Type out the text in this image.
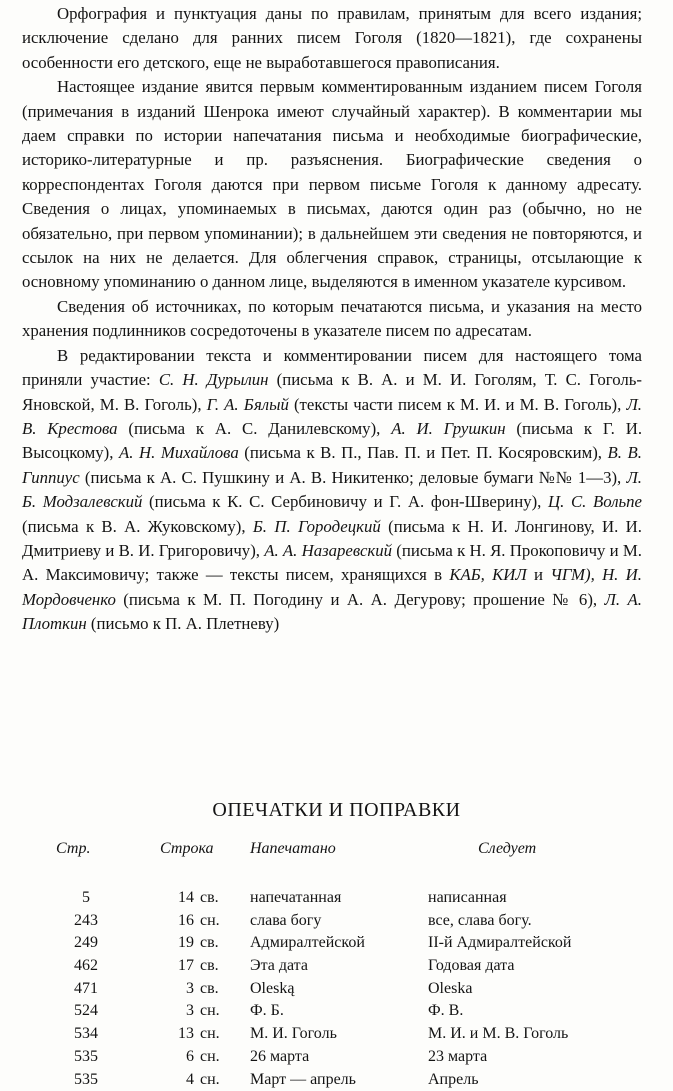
Орфография и пунктуация даны по правилам, принятым для всего издания; исключение сделано для ранних писем Гоголя (1820—1821), где сохранены особенности его детского, еще не выработавшегося правописания.

Настоящее издание явится первым комментированным изданием писем Гоголя (примечания в изданий Шенрока имеют случайный характер). В комментарии мы даем справки по истории напечатания письма и необходимые биографические, историко-литературные и пр. разъяснения. Биографические сведения о корреспондентах Гоголя даются при первом письме Гоголя к данному адресату. Сведения о лицах, упоминаемых в письмах, даются один раз (обычно, но не обязательно, при первом упоминании); в дальнейшем эти сведения не повторяются, и ссылок на них не делается. Для облегчения справок, страницы, отсылающие к основному упоминанию о данном лице, выделяются в именном указателе курсивом.

Сведения об источниках, по которым печатаются письма, и указания на место хранения подлинников сосредоточены в указателе писем по адресатам.

В редактировании текста и комментировании писем для настоящего тома приняли участие: С. Н. Дурылин (письма к В. А. и М. И. Гоголям, Т. С. Гоголь-Яновской, М. В. Гоголь), Г. А. Бялый (тексты части писем к М. И. и М. В. Гоголь), Л. В. Крестова (письма к А. С. Данилевскому), А. И. Грушкин (письма к Г. И. Высоцкому), А. Н. Михайлова (письма к В. П., Пав. П. и Пет. П. Косяровским), В. В. Гиппиус (письма к А. С. Пушкину и А. В. Никитенко; деловые бумаги №№ 1—3), Л. Б. Модзалевский (письма к К. С. Сербиновичу и Г. А. фон-Шверину), Ц. С. Вольпе (письма к В. А. Жуковскому), Б. П. Городецкий (письма к Н. И. Лонгинову, И. И. Дмитриеву и В. И. Григоровичу), А. А. Назаревский (письма к Н. Я. Прокоповичу и М. А. Максимовичу; также — тексты писем, хранящихся в КАБ, КИЛ и ЧГМ), Н. И. Мордовченко (письма к М. П. Погодину и А. А. Дегурову; прошение № 6), Л. А. Плоткин (письмо к П. А. Плетневу)

ОПЕЧАТКИ И ПОПРАВКИ
Стр.	Строка		Напечатано	Следует

5	14	св.	напечатанная	написанная
243	16	сн.	слава богу	все, слава богу.
249	19	св.	Адмиралтейской	II-й Адмиралтейской
462	17	св.	Эта дата	Годовая дата
471	3	св.	Oleską	Oleska
524	3	сн.	Ф. Б.	Ф. В.
534	13	сн.	М. И. Гоголь	М. И. и М. В. Гоголь
535	6	сн.	26 марта	23 марта
535	4	сн.	Март — апрель	Апрель
